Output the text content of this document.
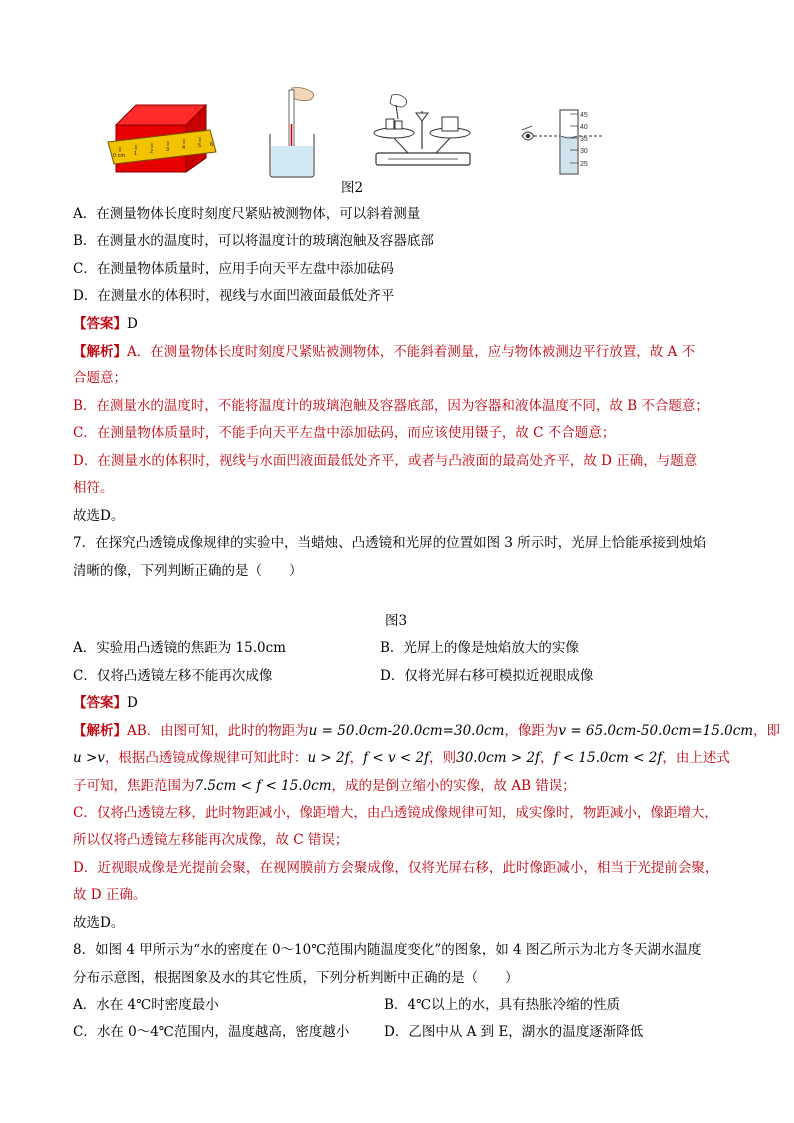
0 cm 1 2 3 4 5 6
45
40
35
30
25
图2
A．在测量物体长度时刻度尺紧贴被测物体，可以斜着测量
B．在测量水的温度时，可以将温度计的玻璃泡触及容器底部
C．在测量物体质量时，应用手向天平左盘中添加砝码
D．在测量水的体积时，视线与水面凹液面最低处齐平
【答案】D
【解析】A．在测量物体长度时刻度尺紧贴被测物体，不能斜着测量，应与物体被测边平行放置，故 A 不
合题意；
B．在测量水的温度时，不能将温度计的玻璃泡触及容器底部，因为容器和液体温度不同，故 B 不合题意；
C．在测量物体质量时，不能手向天平左盘中添加砝码，而应该使用镊子，故 C 不合题意；
D．在测量水的体积时，视线与水面凹液面最低处齐平，或者与凸液面的最高处齐平，故 D 正确，与题意
相符。
故选D。
7．在探究凸透镜成像规律的实验中，当蜡烛、凸透镜和光屏的位置如图 3 所示时，光屏上恰能承接到烛焰
清晰的像，下列判断正确的是（　　）
图3
A．实验用凸透镜的焦距为 15.0cm	B．光屏上的像是烛焰放大的实像
C．仅将凸透镜左移不能再次成像	D．仅将光屏右移可模拟近视眼成像
【答案】D
【解析】AB．由图可知，此时的物距为u = 50.0cm-20.0cm=30.0cm，像距为v = 65.0cm-50.0cm=15.0cm，即
u >v，根据凸透镜成像规律可知此时：u > 2f，f < v < 2f，则30.0cm > 2f，f < 15.0cm < 2f，由上述式
子可知，焦距范围为7.5cm < f < 15.0cm，成的是倒立缩小的实像，故 AB 错误；
C．仅将凸透镜左移，此时物距减小，像距增大，由凸透镜成像规律可知，成实像时，物距减小，像距增大，
所以仅将凸透镜左移能再次成像，故 C 错误；
D．近视眼成像是光提前会聚，在视网膜前方会聚成像，仅将光屏右移，此时像距减小，相当于光提前会聚，
故 D 正确。
故选D。
8．如图 4 甲所示为“水的密度在 0～10℃范围内随温度变化”的图象，如 4 图乙所示为北方冬天湖水温度
分布示意图，根据图象及水的其它性质，下列分析判断中正确的是（　　）
A．水在 4℃时密度最小	B．4℃以上的水，具有热胀冷缩的性质
C．水在 0～4℃范围内，温度越高，密度越小	D．乙图中从 A 到 E，湖水的温度逐渐降低
